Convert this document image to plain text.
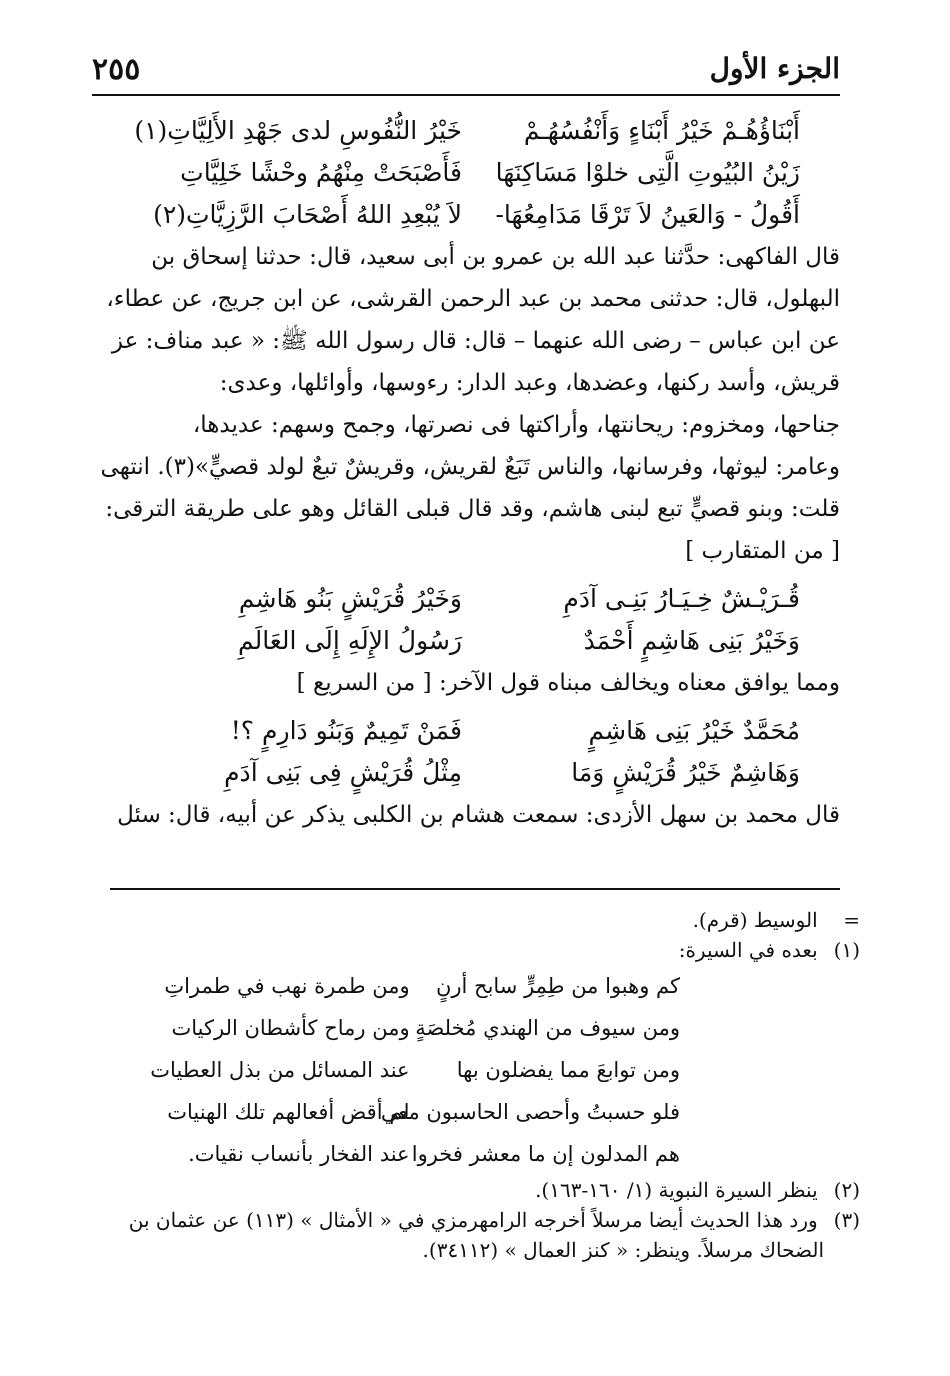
٢٥٥	الجزء الأول
أَبْنَاؤُهُـمْ خَيْرُ أَبْنَاءٍ وَأَنْفُسُهُـمْ
خَيْرُ النُّفُوسِ لدى جَهْدِ الأَلِيَّاتِ(١)
زَيْنُ البُيُوتِ الَّتِى خلوْا مَسَاكِنَهَا
فَأَصْبَحَتْ مِنْهُمُ وحْشًا خَلِيَّاتِ
أَقُولُ - وَالعَينُ لاَ تَرْقَا مَدَامِعُهَا-
لاَ يُبْعِدِ اللهُ أَصْحَابَ الرَّزِيَّاتِ(٢)
قال الفاكهى: حدَّثنا عبد الله بن عمرو بن أبى سعيد، قال: حدثنا إسحاق بن
البهلول، قال: حدثنى محمد بن عبد الرحمن القرشى، عن ابن جريج، عن عطاء،
عن ابن عباس – رضى الله عنهما – قال: قال رسول الله ﷺ: « عبد مناف: عز
قريش، وأسد ركنها، وعضدها، وعبد الدار: رءوسها، وأوائلها، وعدى:
جناحها، ومخزوم: ريحانتها، وأراكتها فى نصرتها، وجمح وسهم: عديدها،
وعامر: ليوثها، وفرسانها، والناس تَبَعٌ لقريش، وقريشٌ تبعٌ لولد قصيٍّ»(٣). انتهى
قلت: وبنو قصيٍّ تبع لبنى هاشم، وقد قال قبلى القائل وهو على طريقة الترقى:
[ من المتقارب ]
قُـرَيْـشٌ خِـيَـارُ بَنِـى آدَمِ
وَخَيْرُ قُرَيْشٍ بَنُو هَاشِمِ
وَخَيْرُ بَنِى هَاشِمٍ أَحْمَدٌ
رَسُولُ الإِلَهِ إِلَى العَالَمِ
ومما يوافق معناه ويخالف مبناه قول الآخر: [ من السريع ]
مُحَمَّدٌ خَيْرُ بَنِى هَاشِمٍ
فَمَنْ تَمِيمٌ وَبَنُو دَارِمٍ ؟!
وَهَاشِمٌ خَيْرُ قُرَيْشٍ وَمَا
مِثْلُ قُرَيْشٍ فِى بَنِى آدَمِ
قال محمد بن سهل الأزدى: سمعت هشام بن الكلبى يذكر عن أبيه، قال: سئل
= الوسيط (قرم).
(١) بعده في السيرة:
كم وهبوا من طِمِرٍّ سابح أرنٍ
ومن طمرة نهب في طمراتِ
ومن سيوف من الهندي مُخلصَةٍ
ومن رماح كأشطان الركيات
ومن توابعَ مما يفضلون بها
عند المسائل من بذل العطيات
فلو حسبتُ وأحصى الحاسبون معي
لم أقض أفعالهم تلك الهنيات
هم المدلون إن ما معشر فخروا
عند الفخار بأنساب نقيات.
(٢) ينظر السيرة النبوية (١/ ١٦٠-١٦٣).
(٣) ورد هذا الحديث أيضا مرسلاً أخرجه الرامهرمزي في « الأمثال » (١١٣) عن عثمان بن
الضحاك مرسلاً. وينظر: « كنز العمال » (٣٤١١٢).
